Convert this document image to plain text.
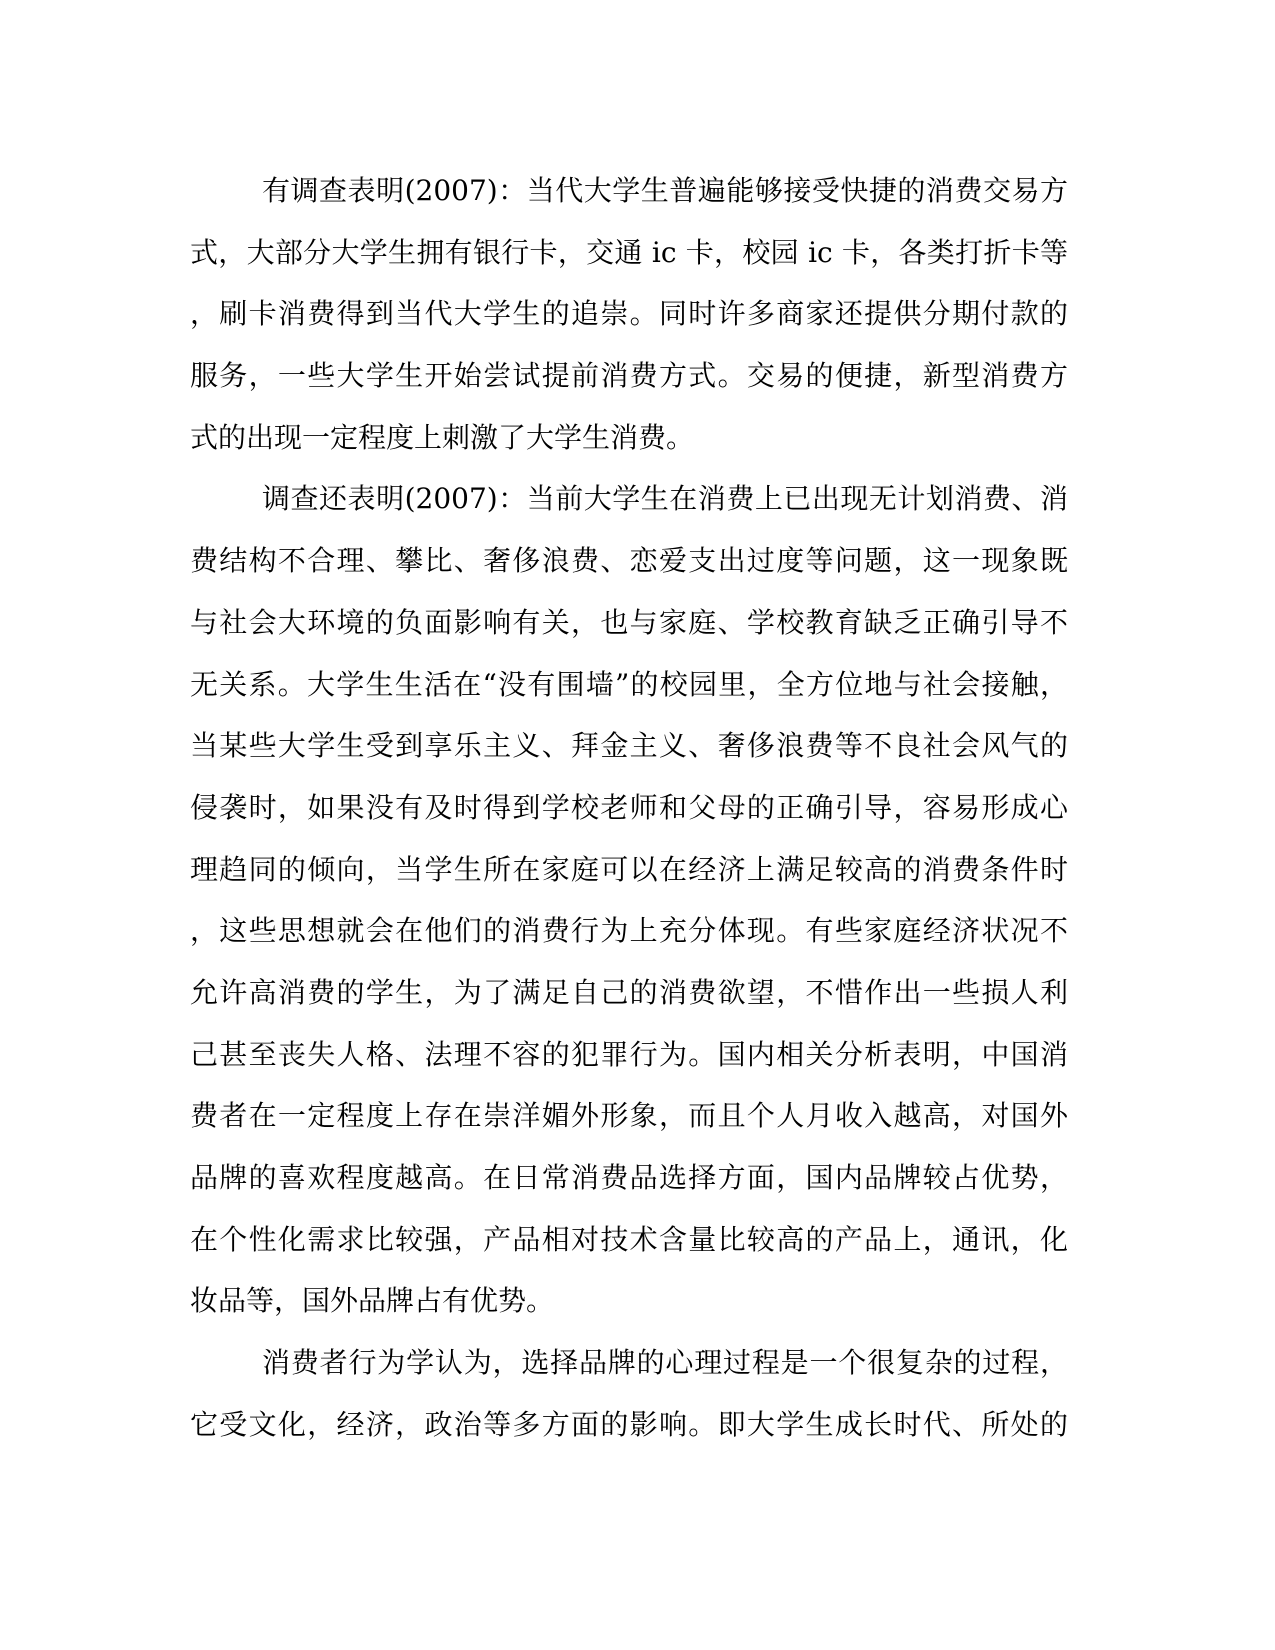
有调查表明(2007)：当代大学生普遍能够接受快捷的消费交易方
式，大部分大学生拥有银行卡，交通 ic 卡，校园 ic 卡，各类打折卡等
，刷卡消费得到当代大学生的追崇。同时许多商家还提供分期付款的
服务，一些大学生开始尝试提前消费方式。交易的便捷，新型消费方
式的出现一定程度上刺激了大学生消费。
调查还表明(2007)：当前大学生在消费上已出现无计划消费、消
费结构不合理、攀比、奢侈浪费、恋爱支出过度等问题，这一现象既
与社会大环境的负面影响有关，也与家庭、学校教育缺乏正确引导不
无关系。大学生生活在“没有围墙”的校园里，全方位地与社会接触，
当某些大学生受到享乐主义、拜金主义、奢侈浪费等不良社会风气的
侵袭时，如果没有及时得到学校老师和父母的正确引导，容易形成心
理趋同的倾向，当学生所在家庭可以在经济上满足较高的消费条件时
，这些思想就会在他们的消费行为上充分体现。有些家庭经济状况不
允许高消费的学生，为了满足自己的消费欲望，不惜作出一些损人利
己甚至丧失人格、法理不容的犯罪行为。国内相关分析表明，中国消
费者在一定程度上存在崇洋媚外形象，而且个人月收入越高，对国外
品牌的喜欢程度越高。在日常消费品选择方面，国内品牌较占优势，
在个性化需求比较强，产品相对技术含量比较高的产品上，通讯，化
妆品等，国外品牌占有优势。
消费者行为学认为，选择品牌的心理过程是一个很复杂的过程，
它受文化，经济，政治等多方面的影响。即大学生成长时代、所处的
